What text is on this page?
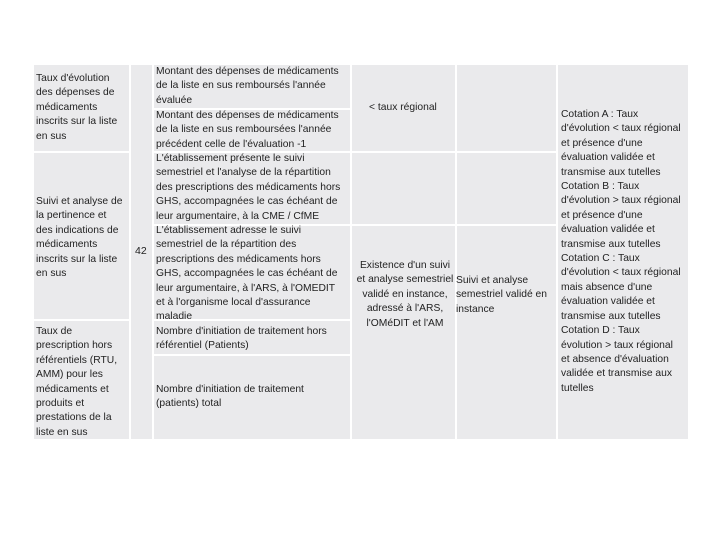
Taux d'évolution
des dépenses de
médicaments
inscrits sur la liste
en sus
Suivi et analyse de
la pertinence et
des indications de
médicaments
inscrits sur la liste
en sus
Taux de
prescription hors
référentiels (RTU,
AMM) pour les
médicaments et
produits et
prestations de la
liste en sus
42
Montant des dépenses de médicaments
de la liste en sus remboursés l'année
évaluée
Montant des dépenses de médicaments
de la liste en sus remboursées l'année
précédent celle de l'évaluation -1
L'établissement présente le suivi
semestriel et l'analyse de la répartition
des prescriptions des médicaments hors
GHS, accompagnées le cas échéant de
leur argumentaire, à la CME / CfME
L'établissement adresse le suivi
semestriel de la répartition des
prescriptions des médicaments hors
GHS, accompagnées le cas échéant de
leur argumentaire, à l'ARS, à l'OMEDIT
et à l'organisme local d'assurance
maladie
Nombre d'initiation de traitement hors
référentiel (Patients)
Nombre d'initiation de traitement
(patients) total
< taux régional
Existence d'un suivi
et analyse semestriel
validé en instance,
adressé à l'ARS,
l'OMéDIT et l'AM
Suivi et analyse
semestriel validé en
instance
Cotation A : Taux
d'évolution < taux régional
et présence d'une
évaluation validée et
transmise aux tutelles
Cotation B : Taux
d'évolution > taux régional
et présence d'une
évaluation validée et
transmise aux tutelles
Cotation C : Taux
d'évolution < taux régional
mais absence d'une
évaluation validée et
transmise aux tutelles
Cotation D : Taux
évolution > taux régional
et absence d'évaluation
validée et transmise aux
tutelles
